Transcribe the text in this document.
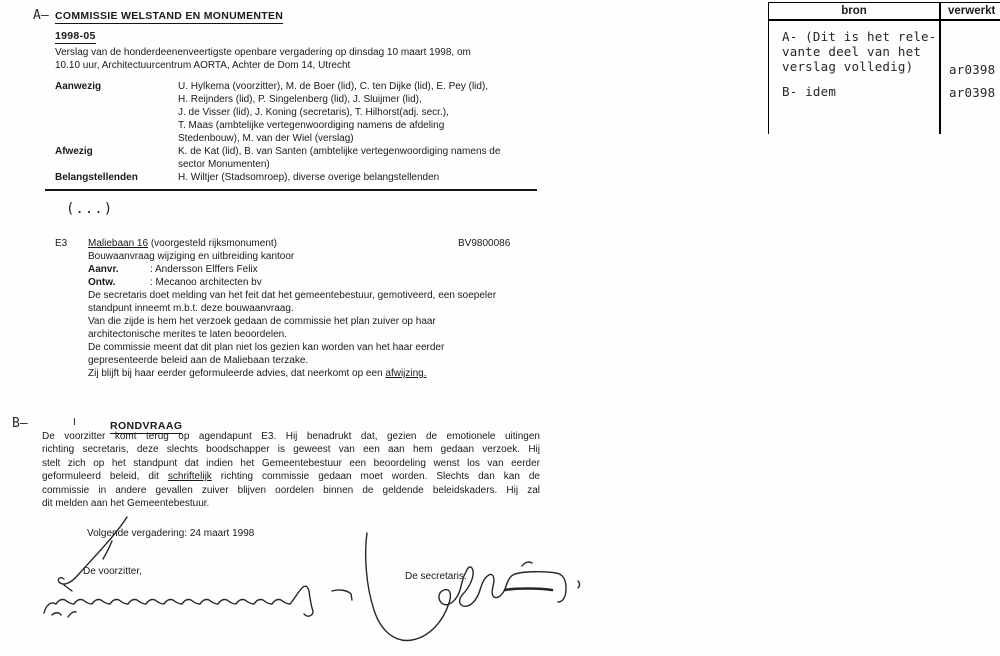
A—
B—
COMMISSIE WELSTAND EN MONUMENTEN
1998-05
Verslag van de honderdeenenveertigste openbare vergadering op dinsdag 10 maart 1998, om
10.10 uur, Architectuurcentrum AORTA, Achter de Dom 14, Utrecht
Aanwezig	U. Hylkema (voorzitter), M. de Boer (lid), C. ten Dijke (lid), E. Pey (lid),
H. Reijnders (lid), P. Singelenberg (lid), J. Sluijmer (lid),
J. de Visser (lid), J. Koning (secretaris), T. Hilhorst(adj. secr.),
T. Maas (ambtelijke vertegenwoordiging namens de afdeling
Stedenbouw), M. van der Wiel (verslag)
Afwezig	K. de Kat (lid), B. van Santen (ambtelijke vertegenwoordiging namens de
sector Monumenten)
Belangstellenden	H. Wiltjer (Stadsomroep), diverse overige belangstellenden
(...)
E3	BV9800086
Maliebaan 16 (voorgesteld rijksmonument)
Bouwaanvraag wijziging en uitbreiding kantoor
Aanvr.	: Andersson Elffers Felix

Ontw.	: Mecanoo architecten bv

De secretaris doet melding van het feit dat het gemeentebestuur, gemotiveerd, een soepeler
standpunt inneemt m.b.t. deze bouwaanvraag.
Van die zijde is hem het verzoek gedaan de commissie het plan zuiver op haar
architectonische merites te laten beoordelen.
De commissie meent dat dit plan niet los gezien kan worden van het haar eerder
gepresenteerde beleid aan de Maliebaan terzake.
Zij blijft bij haar eerder geformuleerde advies, dat neerkomt op een afwijzing.
I	RONDVRAAG
De voorzitter komt terug op agendapunt E3. Hij benadrukt dat, gezien de emotionele uitingen
richting secretaris, deze slechts boodschapper is geweest van een aan hem gedaan verzoek. Hij
stelt zich op het standpunt dat indien het Gemeentebestuur een beoordeling wenst los van eerder
geformuleerd beleid, dit schriftelijk richting commissie gedaan moet worden. Slechts dan kan de
commissie in andere gevallen zuiver blijven oordelen binnen de geldende beleidskaders. Hij zal
dit melden aan het Gemeentebestuur.
Volgende vergadering: 24 maart 1998
De voorzitter,	De secretaris.
bron	verwerkt
A- (Dit is het rele-
vante deel van het
verslag volledig)	ar0398
B- idem	ar0398
